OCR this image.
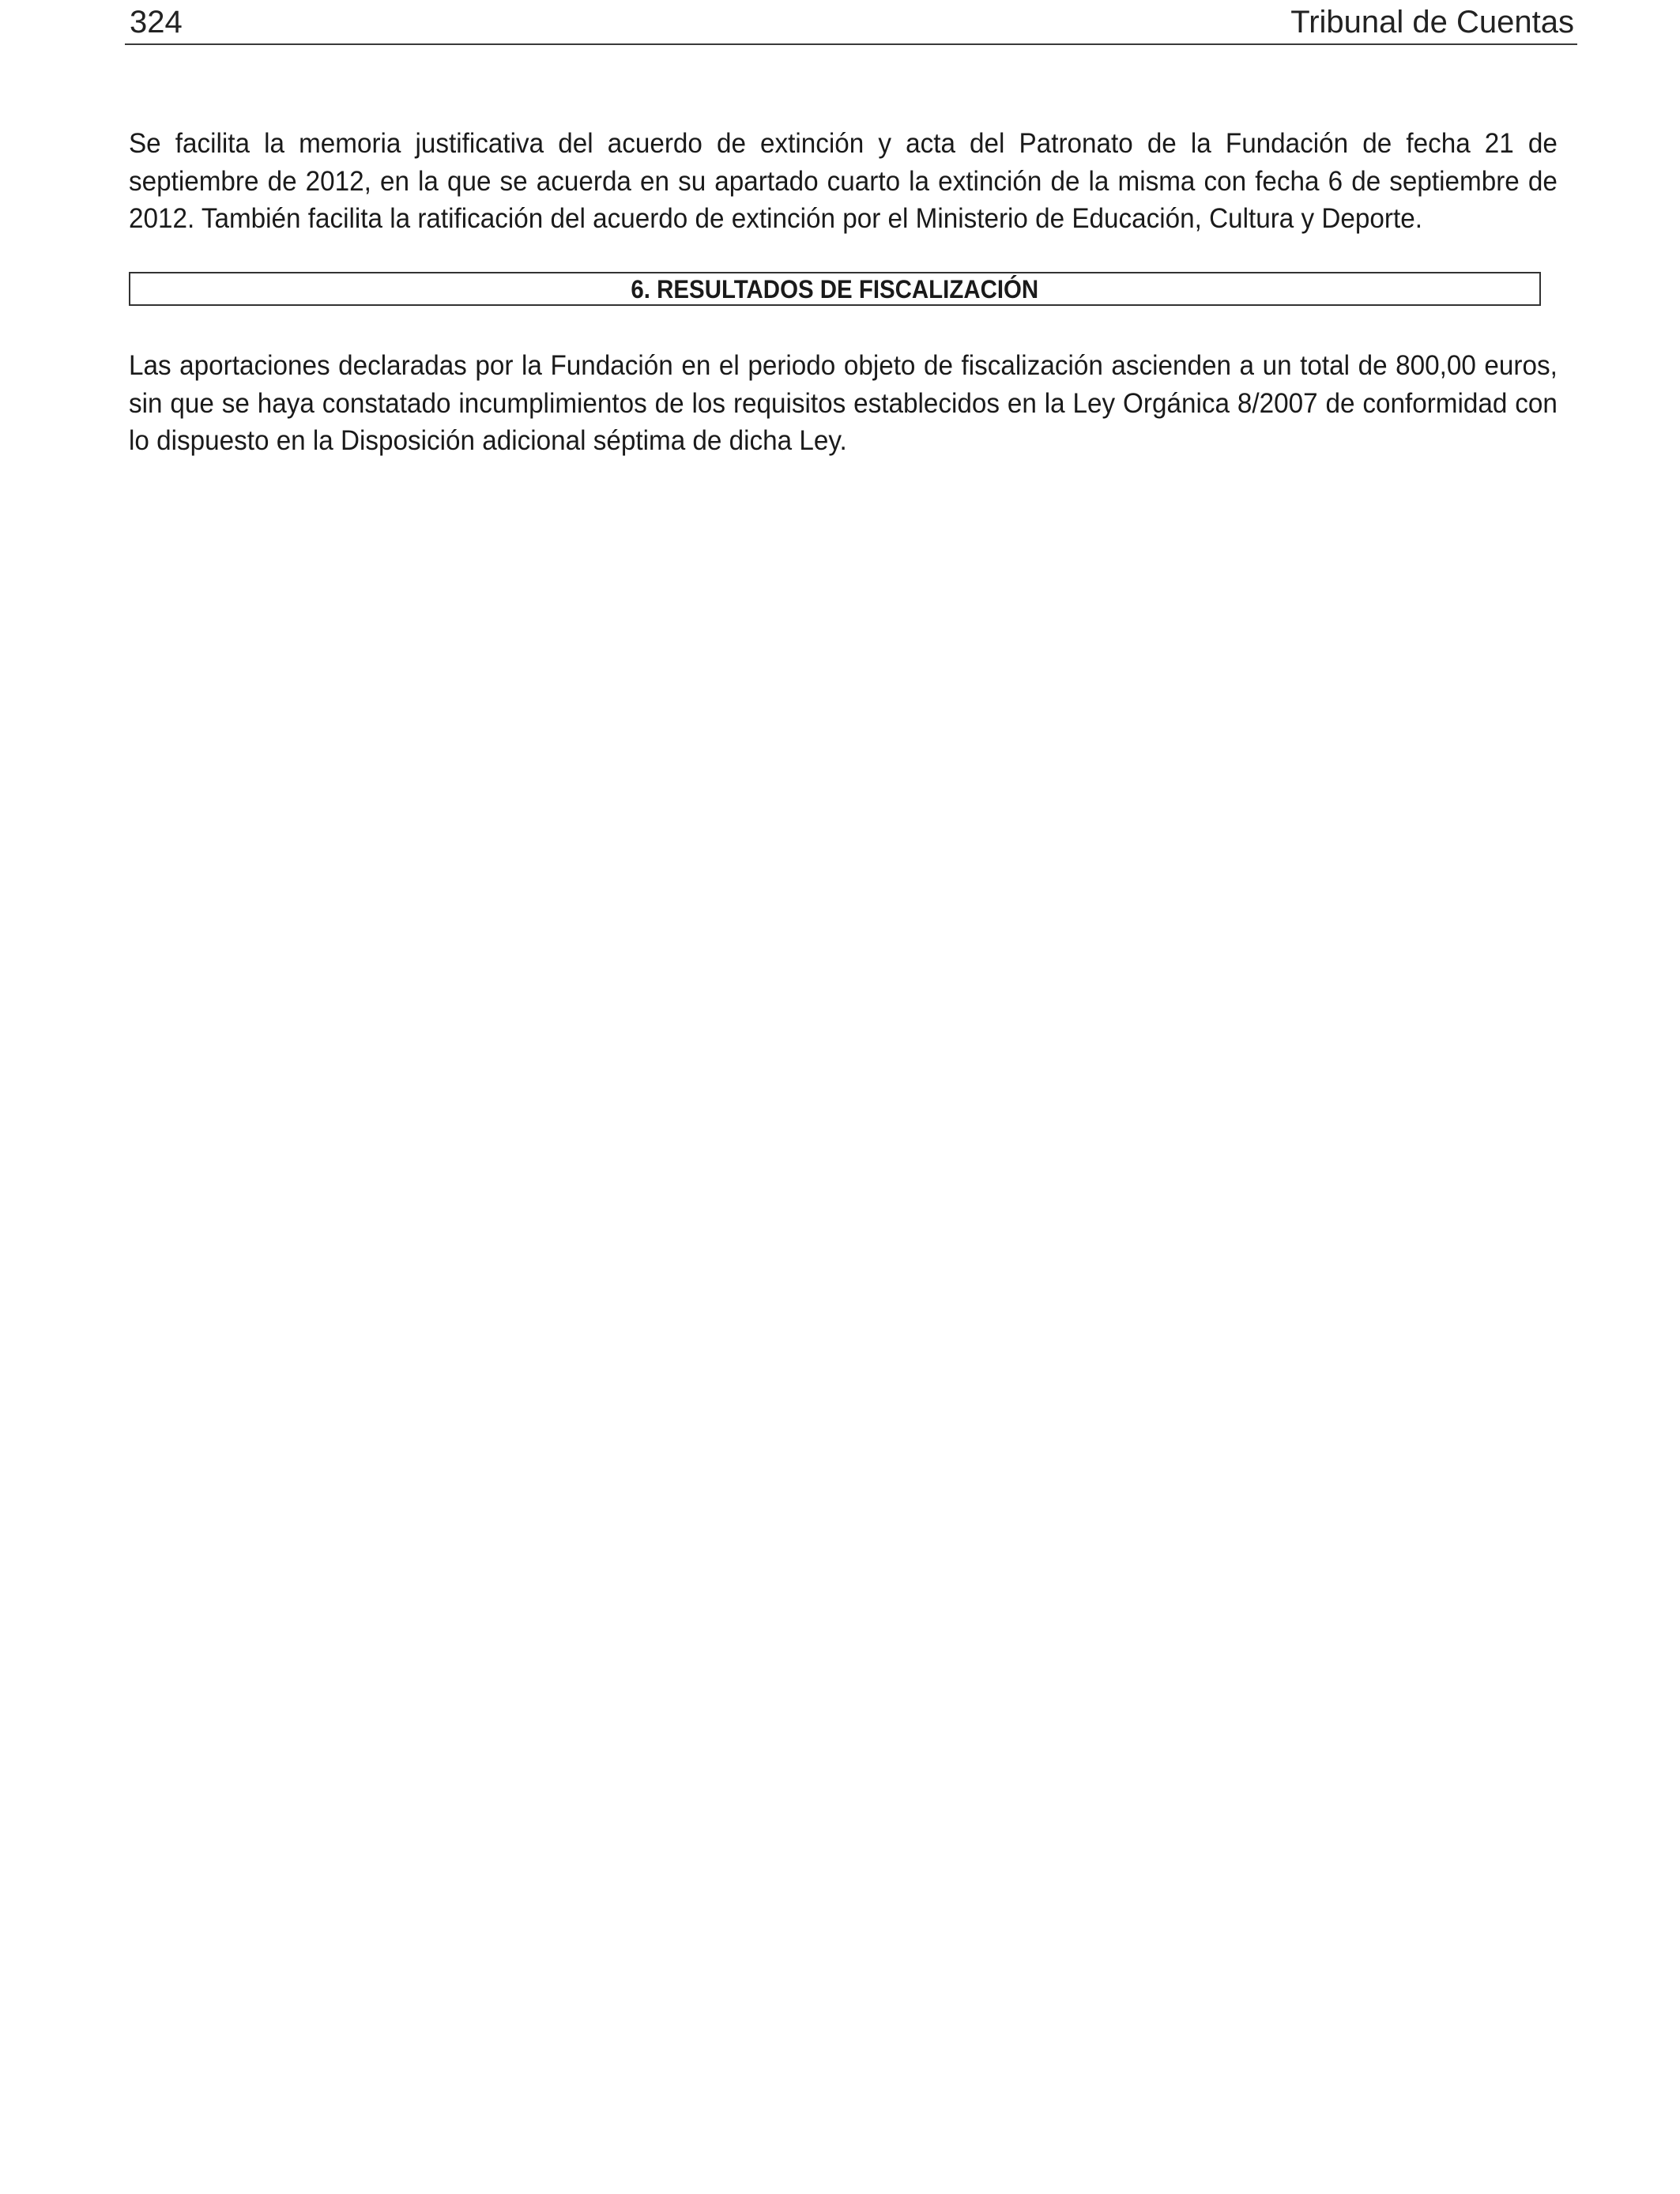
324	Tribunal de Cuentas

Se facilita la memoria justificativa del acuerdo de extinción y acta del Patronato de la Fundación de fecha 21 de septiembre de 2012, en la que se acuerda en su apartado cuarto la extinción de la misma con fecha 6 de septiembre de 2012. También facilita la ratificación del acuerdo de extinción por el Ministerio de Educación, Cultura y Deporte.

6. RESULTADOS DE FISCALIZACIÓN

Las aportaciones declaradas por la Fundación en el periodo objeto de fiscalización ascienden a un total de 800,00 euros, sin que se haya constatado incumplimientos de los requisitos establecidos en la Ley Orgánica 8/2007 de conformidad con lo dispuesto en la Disposición adicional séptima de dicha Ley.
